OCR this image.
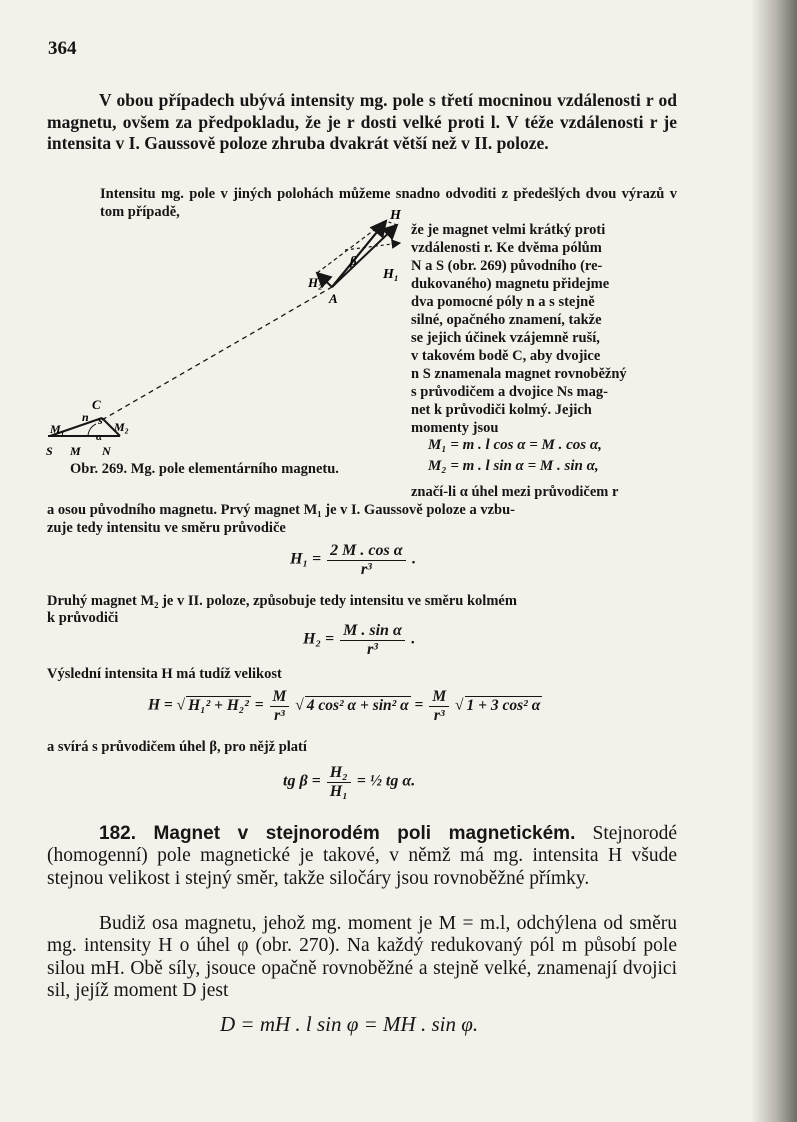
364
V obou případech ubývá intensity mg. pole s třetí mocninou vzdálenosti r od magnetu, ovšem za předpokladu, že je r dosti velké proti l. V téže vzdálenosti r je intensita v I. Gaussově poloze zhruba dvakrát větší než v II. poloze.
Intensitu mg. pole v jiných polohách můžeme snadno odvoditi z předešlých dvou výrazů v tom případě,
že je magnet velmi krátký proti
vzdálenosti r. Ke dvěma pólům
N a S (obr. 269) původního (re-
dukovaného) magnetu přidejme
dva pomocné póly n a s stejně
silné, opačného znamení, takže
se jejich účinek vzájemně ruší,
v takovém bodě C, aby dvojice
n S znamenala magnet rovnoběžný
s průvodičem a dvojice Ns mag-
net k průvodiči kolmý. Jejich
momenty jsou
H
H₁
H₂
A
β
C
n s
M₁	M₂
α
S M N
Obr. 269. Mg. pole elementárního magnetu.
M₁ = m . l cos α = M . cos α,
M₂ = m . l sin α = M . sin α,
značí-li α úhel mezi průvodičem r
a osou původního magnetu. Prvý magnet M₁ je v I. Gaussově poloze a vzbu-
zuje tedy intensitu ve směru průvodiče
$H_1 = \frac{\text{2 M . cos α}}{\text{r³}}$ .
Druhý magnet M₂ je v II. poloze, způsobuje tedy intensitu ve směru kolmém
k průvodiči
$H_2 = \frac{\text{M . sin α}}{\text{r³}}$ .
Výslední intensita H má tudíž velikost
H = √ $H_1^2 + H_2^2 = \frac{M}{\text{r³}}$ √ 4 cos² α + sin² $\alpha = \frac{M}{\text{r³}}$ √ 1 + 3 cos² α
a svírá s průvodičem úhel β, pro nějž platí
tg $\beta = \frac{\text{H₂}}{\text{H₁}}$ = ½ tg α.
182. Magnet v stejnorodém poli magnetickém. Stejnorodé (homogenní) pole magnetické je takové, v němž má mg. intensita H všude stejnou velikost i stejný směr, takže siločáry jsou rovnoběžné přímky.
Budiž osa magnetu, jehož mg. moment je M = m.l, odchýlena od směru mg. intensity H o úhel φ (obr. 270). Na každý redukovaný pól m působí pole silou mH. Obě síly, jsouce opačně rovnoběžné a stejně velké, znamenají dvojici sil, jejíž moment D jest
D = mH . l sin φ = MH . sin φ.
